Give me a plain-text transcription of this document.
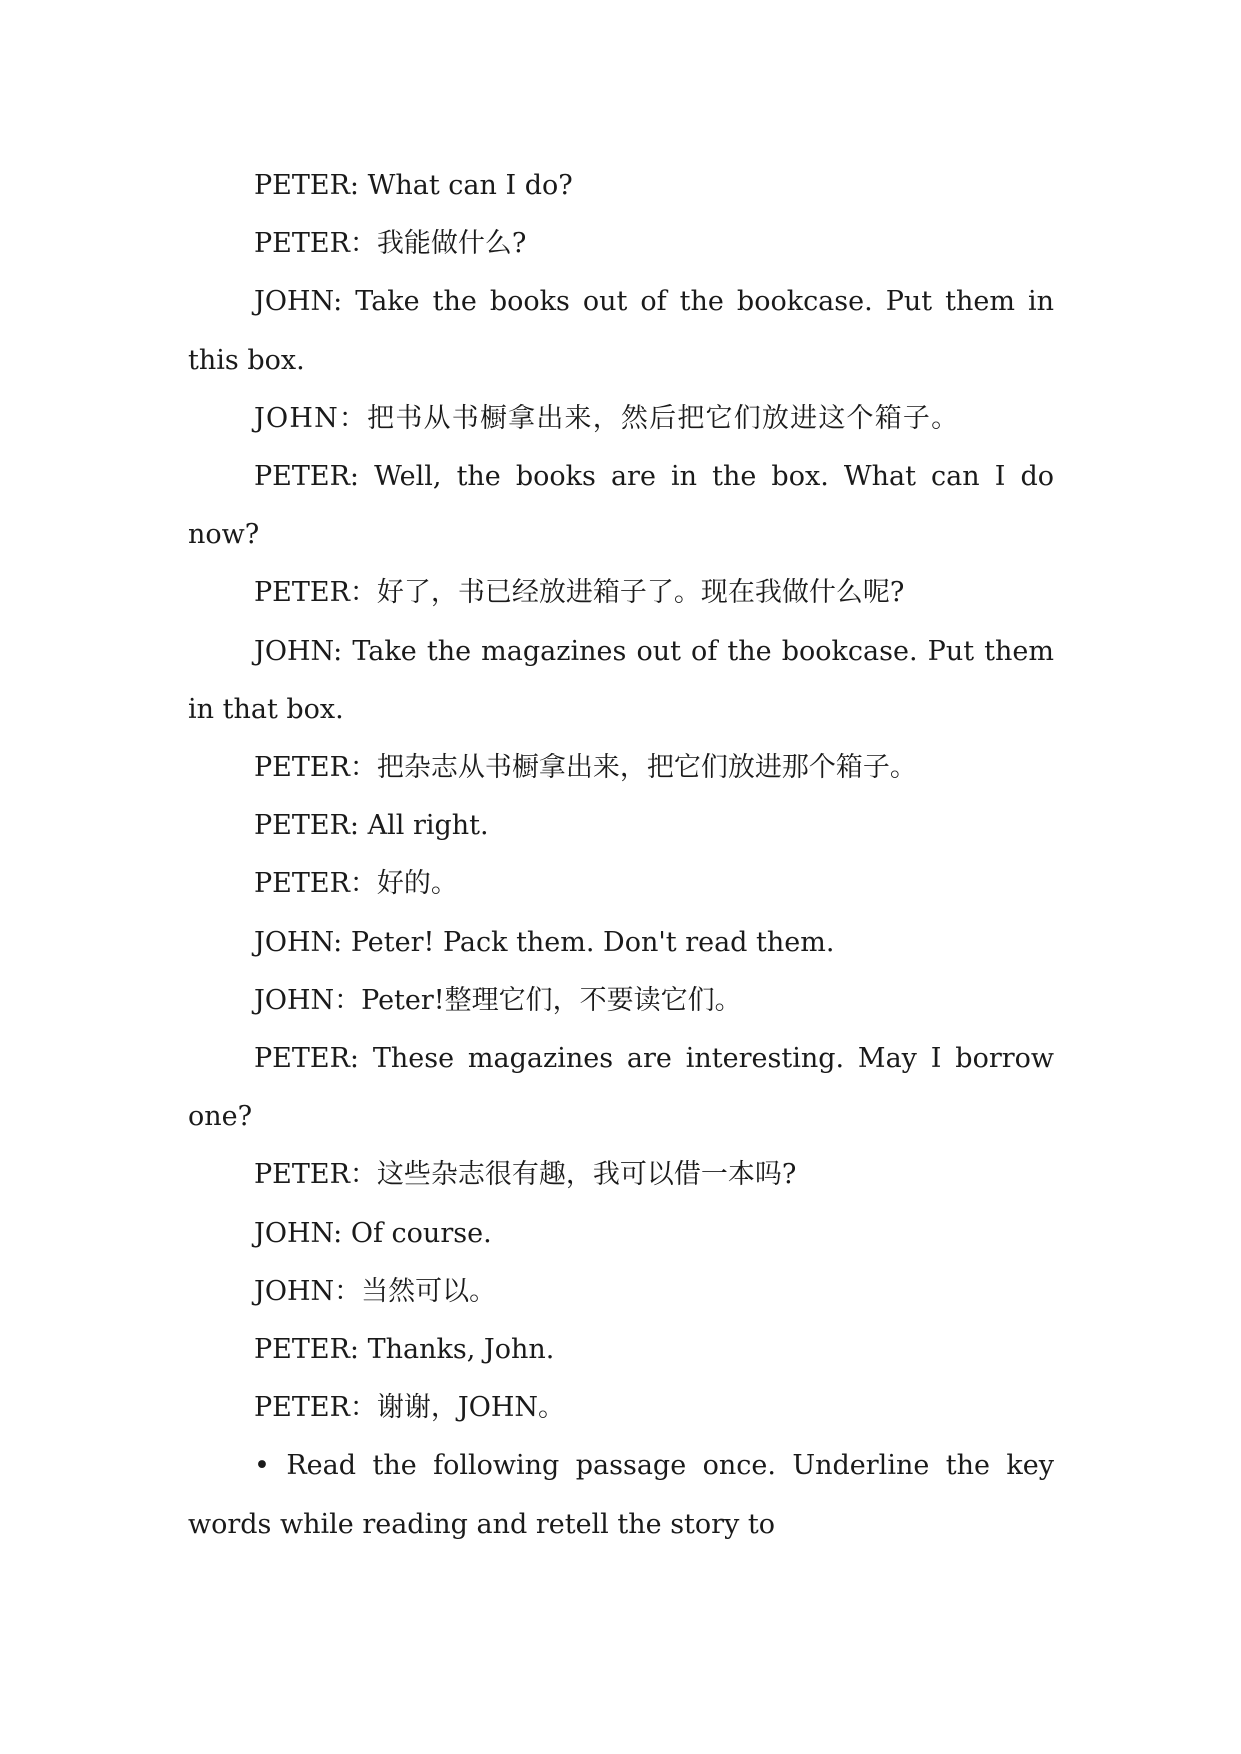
PETER: What can I do?

PETER：我能做什么?

JOHN: Take the books out of the bookcase. Put them in this box.

JOHN：把书从书橱拿出来，然后把它们放进这个箱子。

PETER: Well, the books are in the box. What can I do now?

PETER：好了，书已经放进箱子了。现在我做什么呢?

JOHN: Take the magazines out of the bookcase. Put them in that box.

PETER：把杂志从书橱拿出来，把它们放进那个箱子。

PETER: All right.

PETER：好的。

JOHN: Peter! Pack them. Don't read them.

JOHN：Peter!整理它们，不要读它们。

PETER: These magazines are interesting. May I borrow one?

PETER：这些杂志很有趣，我可以借一本吗?

JOHN: Of course.

JOHN：当然可以。

PETER: Thanks, John.

PETER：谢谢，JOHN。

• Read the following passage once. Underline the key words while reading and retell the story to
